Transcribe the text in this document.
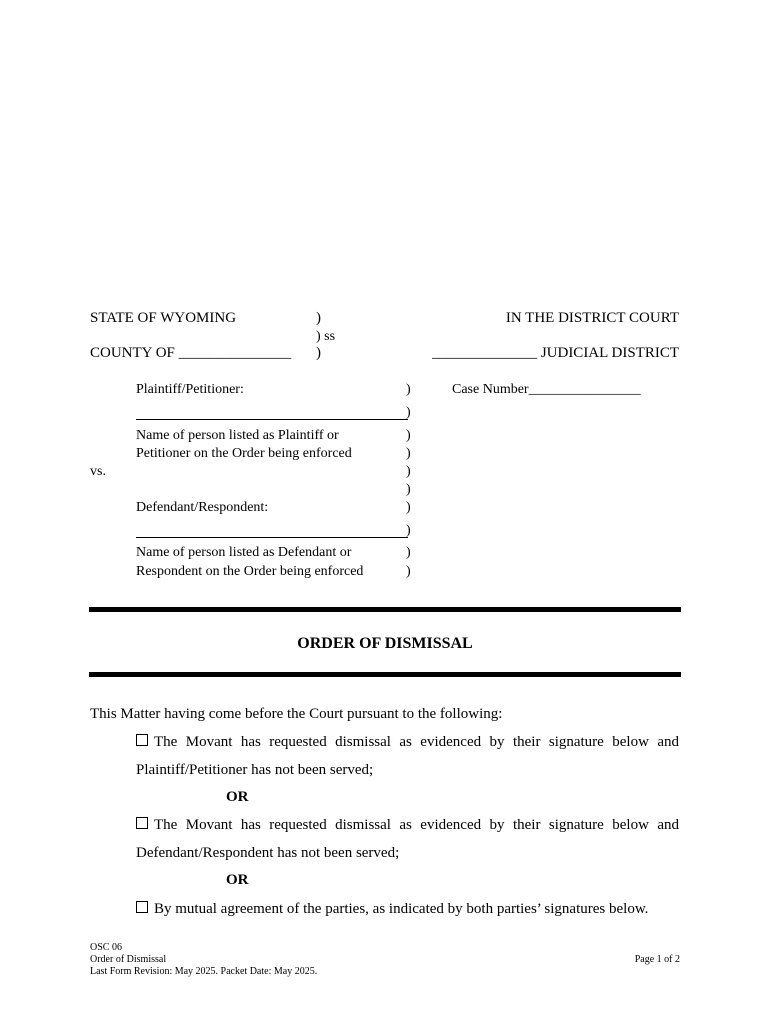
STATE OF WYOMING	)
) ss
COUNTY OF _______________ )
IN THE DISTRICT COURT
______________ JUDICIAL DISTRICT
Plaintiff/Petitioner:	Case Number________________
Name of person listed as Plaintiff or
Petitioner on the Order being enforced
vs.
Defendant/Respondent:
Name of person listed as Defendant or
Respondent on the Order being enforced
)
)
)
)
)
)
)
)
)
)
ORDER OF DISMISSAL
This Matter having come before the Court pursuant to the following:
The Movant has requested dismissal as evidenced by their signature below and
Plaintiff/Petitioner has not been served;
OR
The Movant has requested dismissal as evidenced by their signature below and
Defendant/Respondent has not been served;
OR
By mutual agreement of the parties, as indicated by both parties’ signatures below.
OSC 06
Order of Dismissal
Last Form Revision: May 2025. Packet Date: May 2025.
Page 1 of 2
